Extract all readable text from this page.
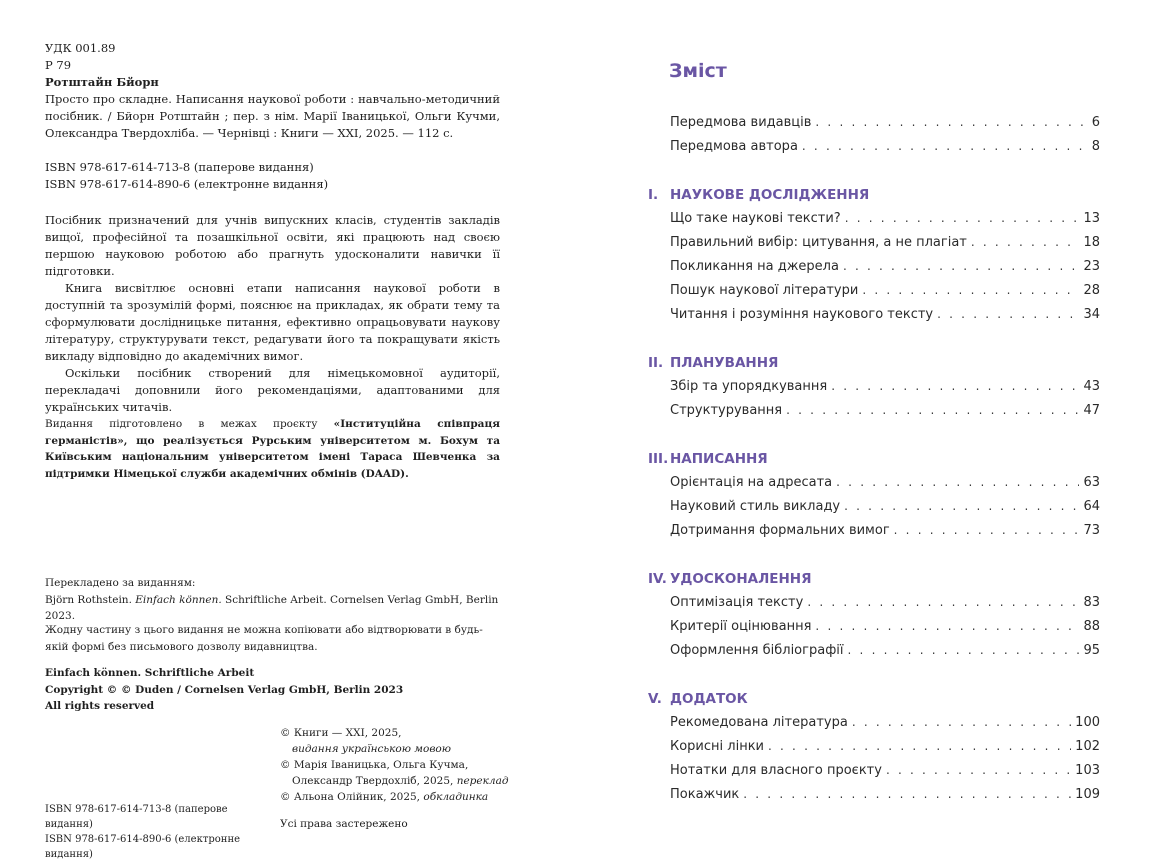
УДК 001.89

Р 79

Ротштайн Бйорн

Просто про складне. Написання наукової роботи : навчально-методичний посібник. / Бйорн Ротштайн ; пер. з нім. Марії Іваницької, Ольги Кучми, Олександра Твердохліба. — Чернівці : Книги — XXI, 2025. — 112 с.

ISBN 978-617-614-713-8 (паперове видання)

ISBN 978-617-614-890-6 (електронне видання)

Посібник призначений для учнів випускних класів, студентів закладів вищої, професійної та позашкільної освіти, які працюють над своєю першою науковою роботою або прагнуть удосконалити навички її підготовки.

Книга висвітлює основні етапи написання наукової роботи в доступній та зрозумілій формі, пояснює на прикладах, як обрати тему та сформулювати дослідницьке питання, ефективно опрацьовувати наукову літературу, структурувати текст, редагувати його та покращувати якість викладу відповідно до академічних вимог.

Оскільки посібник створений для німецькомовної аудиторії, перекладачі доповнили його рекомендаціями, адаптованими для українських читачів.

Видання підготовлено в межах проєкту «Інституційна співпраця германістів», що реалізується Рурським університетом м. Бохум та Київським національним університетом імені Тараса Шевченка за підтримки Німецької служби академічних обмінів (DAAD).

Перекладено за виданням:

Björn Rothstein. Einfach können. Schriftliche Arbeit. Cornelsen Verlag GmbH, Berlin 2023.

Жодну частину з цього видання не можна копіювати або відтворювати в будь-якій формі без письмового дозволу видавництва.

Einfach können. Schriftliche Arbeit

Copyright © © Duden / Cornelsen Verlag GmbH, Berlin 2023

All rights reserved

© Книги — XXI, 2025,

видання українською мовою

© Марія Іваницька, Ольга Кучма,

Олександр Твердохліб, 2025, переклад

© Альона Олійник, 2025, обкладинка

ISBN 978-617-614-713-8 (паперове видання)

ISBN 978-617-614-890-6 (електронне видання)

Усі права застережено

Зміст
Передмова видавців . . .	6
Передмова автора . . .	8
I. НАУКОВЕ ДОСЛІДЖЕННЯ
Що таке наукові тексти? . . .	13
Правильний вибір: цитування, а не плагіат . . .	18
Покликання на джерела . . .	23
Пошук наукової літератури . . .	28
Читання і розуміння наукового тексту . . .	34
II. ПЛАНУВАННЯ
Збір та упорядкування . . .	43
Структурування . . .	47
III. НАПИСАННЯ
Орієнтація на адресата . . .	63
Науковий стиль викладу . . .	64
Дотримання формальних вимог . . .	73
IV. УДОСКОНАЛЕННЯ
Оптимізація тексту . . .	83
Критерії оцінювання . . .	88
Оформлення бібліографії . . .	95
V. ДОДАТОК
Рекомедована література . . .	100
Корисні лінки . . .	102
Нотатки для власного проєкту . . .	103
Покажчик . . .	109
